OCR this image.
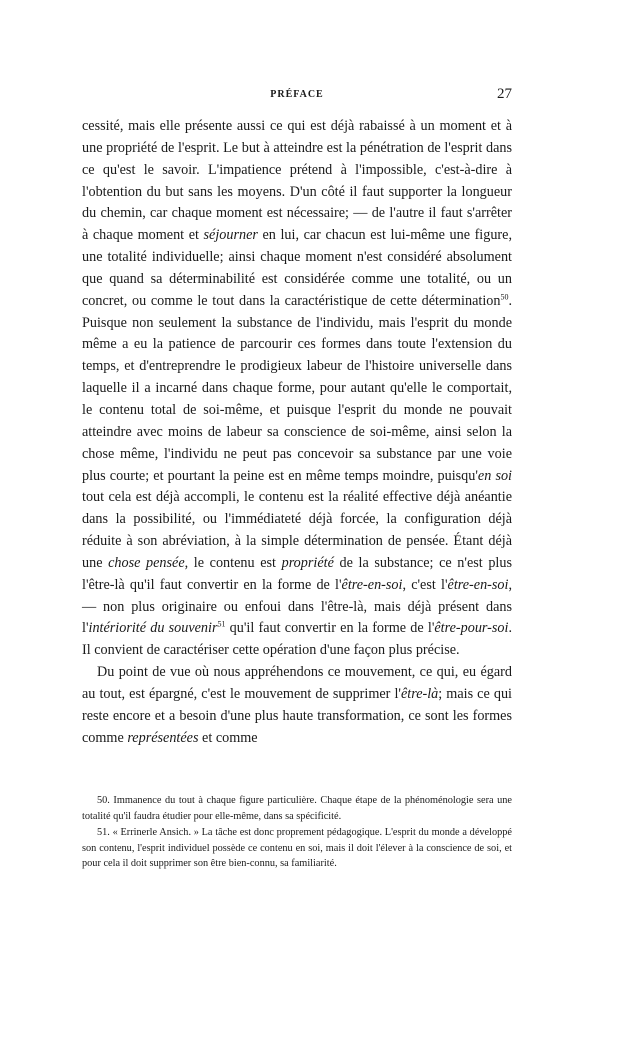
PRÉFACE	27

cessité, mais elle présente aussi ce qui est déjà rabaissé à un moment et à une propriété de l'esprit. Le but à atteindre est la pénétration de l'esprit dans ce qu'est le savoir. L'impatience prétend à l'impossible, c'est-à-dire à l'obtention du but sans les moyens. D'un côté il faut supporter la longueur du chemin, car chaque moment est nécessaire; — de l'autre il faut s'arrêter à chaque moment et séjourner en lui, car chacun est lui-même une figure, une totalité individuelle; ainsi chaque moment n'est considéré absolument que quand sa déterminabilité est considérée comme une totalité, ou un concret, ou comme le tout dans la caractéristique de cette détermination$^{50}$. Puisque non seulement la substance de l'individu, mais l'esprit du monde même a eu la patience de parcourir ces formes dans toute l'extension du temps, et d'entreprendre le prodigieux labeur de l'histoire universelle dans laquelle il a incarné dans chaque forme, pour autant qu'elle le comportait, le contenu total de soi-même, et puisque l'esprit du monde ne pouvait atteindre avec moins de labeur sa conscience de soi-même, ainsi selon la chose même, l'individu ne peut pas concevoir sa substance par une voie plus courte; et pourtant la peine est en même temps moindre, puisqu'en soi tout cela est déjà accompli, le contenu est la réalité effective déjà anéantie dans la possibilité, ou l'immédiateté déjà forcée, la configuration déjà réduite à son abréviation, à la simple détermination de pensée. Étant déjà une chose pensée, le contenu est propriété de la substance; ce n'est plus l'être-là qu'il faut convertir en la forme de l'être-en-soi, c'est l'être-en-soi, — non plus originaire ou enfoui dans l'être-là, mais déjà présent dans l'intériorité du souvenir$^{51}$ qu'il faut convertir en la forme de l'être-pour-soi. Il convient de caractériser cette opération d'une façon plus précise.

Du point de vue où nous appréhendons ce mouvement, ce qui, eu égard au tout, est épargné, c'est le mouvement de supprimer l'être-là; mais ce qui reste encore et a besoin d'une plus haute transformation, ce sont les formes comme représentées et comme

50. Immanence du tout à chaque figure particulière. Chaque étape de la phénoménologie sera une totalité qu'il faudra étudier pour elle-même, dans sa spécificité.

51. « Errinerle Ansich. » La tâche est donc proprement pédagogique. L'esprit du monde a développé son contenu, l'esprit individuel possède ce contenu en soi, mais il doit l'élever à la conscience de soi, et pour cela il doit supprimer son être bien-connu, sa familiarité.
